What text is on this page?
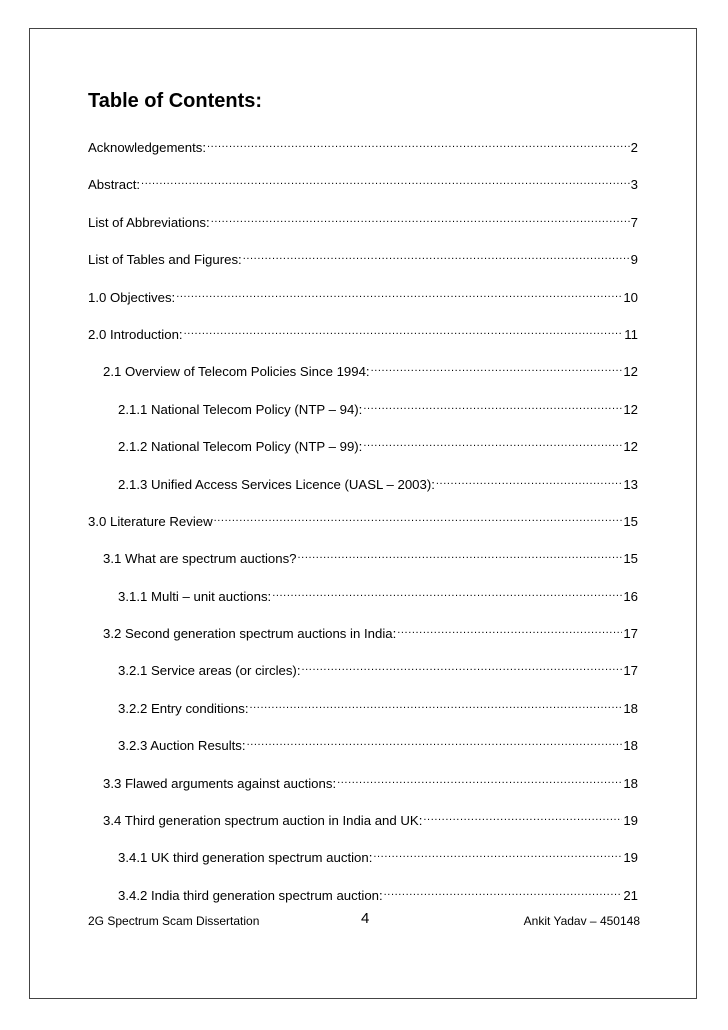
Table of Contents:
Acknowledgements: .....	2
Abstract: .....	3
List of Abbreviations: .....	7
List of Tables and Figures: .....	9
1.0 Objectives: .....	10
2.0 Introduction: .....	11
2.1 Overview of Telecom Policies Since 1994: .....	12
2.1.1 National Telecom Policy (NTP – 94): .....	12
2.1.2 National Telecom Policy (NTP – 99): .....	12
2.1.3 Unified Access Services Licence (UASL – 2003): .....	13
3.0 Literature Review .....	15
3.1 What are spectrum auctions? .....	15
3.1.1 Multi – unit auctions: .....	16
3.2 Second generation spectrum auctions in India: .....	17
3.2.1 Service areas (or circles): .....	17
3.2.2 Entry conditions: .....	18
3.2.3 Auction Results: .....	18
3.3 Flawed arguments against auctions: .....	18
3.4 Third generation spectrum auction in India and UK: .....	19
3.4.1 UK third generation spectrum auction: .....	19
3.4.2 India third generation spectrum auction: .....	21
2G Spectrum Scam Dissertation	4	Ankit Yadav – 450148
